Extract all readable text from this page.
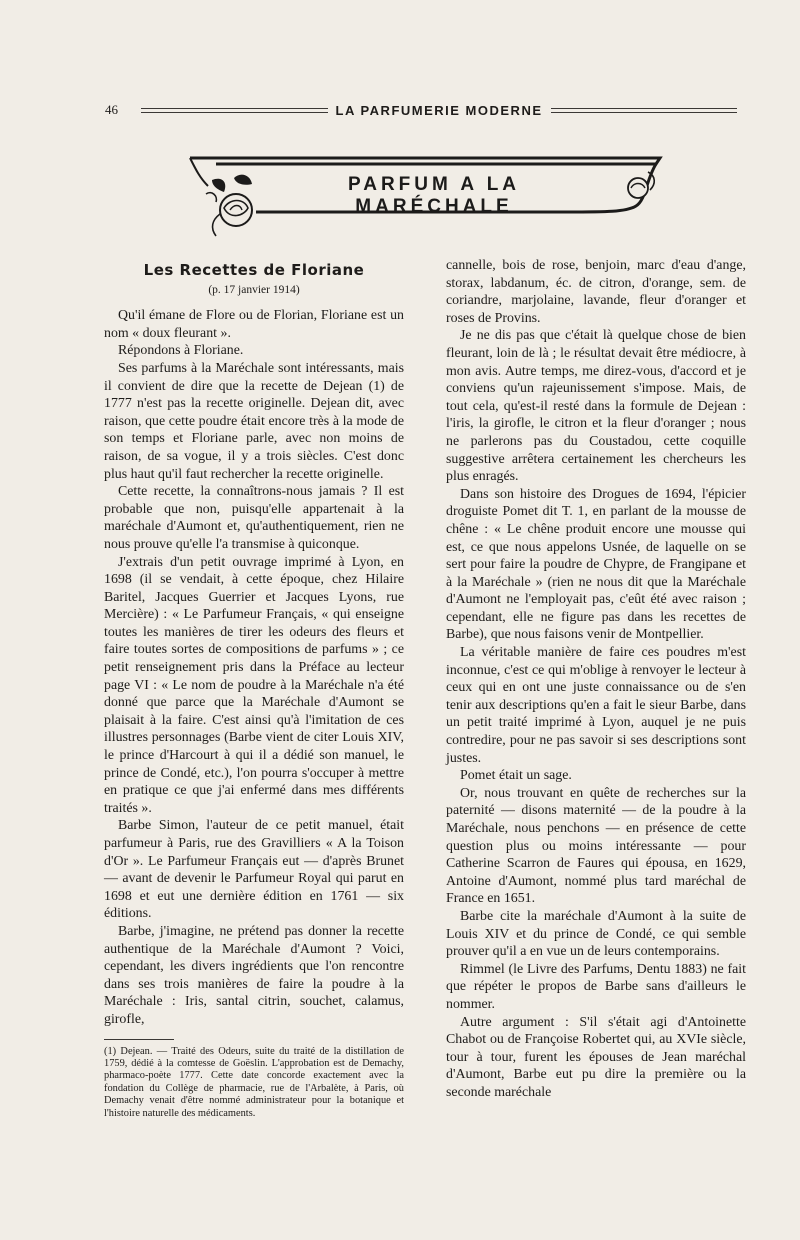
46	LA PARFUMERIE MODERNE
PARFUM A LA MARÉCHALE
Les Recettes de Floriane
(p. 17 janvier 1914)

Qu'il émane de Flore ou de Florian, Floriane est un nom « doux fleurant ».

Répondons à Floriane.

Ses parfums à la Maréchale sont intéressants, mais il convient de dire que la recette de Dejean (1) de 1777 n'est pas la recette originelle. Dejean dit, avec raison, que cette poudre était encore très à la mode de son temps et Floriane parle, avec non moins de raison, de sa vogue, il y a trois siècles. C'est donc plus haut qu'il faut rechercher la recette originelle.

Cette recette, la connaîtrons-nous jamais ? Il est probable que non, puisqu'elle appartenait à la maréchale d'Aumont et, qu'authentiquement, rien ne nous prouve qu'elle l'a transmise à quiconque.

J'extrais d'un petit ouvrage imprimé à Lyon, en 1698 (il se vendait, à cette époque, chez Hilaire Baritel, Jacques Guerrier et Jacques Lyons, rue Mercière) : « Le Parfumeur Français, « qui enseigne toutes les manières de tirer les odeurs des fleurs et faire toutes sortes de compositions de parfums » ; ce petit renseignement pris dans la Préface au lecteur page VI : « Le nom de poudre à la Maréchale n'a été donné que parce que la Maréchale d'Aumont se plaisait à la faire. C'est ainsi qu'à l'imitation de ces illustres personnages (Barbe vient de citer Louis XIV, le prince d'Harcourt à qui il a dédié son manuel, le prince de Condé, etc.), l'on pourra s'occuper à mettre en pratique ce que j'ai enfermé dans mes différents traités ».

Barbe Simon, l'auteur de ce petit manuel, était parfumeur à Paris, rue des Gravilliers « A la Toison d'Or ». Le Parfumeur Français eut — d'après Brunet — avant de devenir le Parfumeur Royal qui parut en 1698 et eut une dernière édition en 1761 — six éditions.

Barbe, j'imagine, ne prétend pas donner la recette authentique de la Maréchale d'Aumont ? Voici, cependant, les divers ingrédients que l'on rencontre dans ses trois manières de faire la poudre à la Maréchale : Iris, santal citrin, souchet, calamus, girofle,

(1) Dejean. — Traité des Odeurs, suite du traité de la distillation de 1759, dédié à la comtesse de Goëslin. L'approbation est de Demachy, pharmaco-poète 1777. Cette date concorde exactement avec la fondation du Collège de pharmacie, rue de l'Arbalète, à Paris, où Demachy venait d'être nommé administrateur pour la botanique et l'histoire naturelle des médicaments.

cannelle, bois de rose, benjoin, marc d'eau d'ange, storax, labdanum, éc. de citron, d'orange, sem. de coriandre, marjolaine, lavande, fleur d'oranger et roses de Provins.

Je ne dis pas que c'était là quelque chose de bien fleurant, loin de là ; le résultat devait être médiocre, à mon avis. Autre temps, me direz-vous, d'accord et je conviens qu'un rajeunissement s'impose. Mais, de tout cela, qu'est-il resté dans la formule de Dejean : l'iris, la girofle, le citron et la fleur d'oranger ; nous ne parlerons pas du Coustadou, cette coquille suggestive arrêtera certainement les chercheurs les plus enragés.

Dans son histoire des Drogues de 1694, l'épicier droguiste Pomet dit T. 1, en parlant de la mousse de chêne : « Le chêne produit encore une mousse qui est, ce que nous appelons Usnée, de laquelle on se sert pour faire la poudre de Chypre, de Frangipane et à la Maréchale » (rien ne nous dit que la Maréchale d'Aumont ne l'employait pas, c'eût été avec raison ; cependant, elle ne figure pas dans les recettes de Barbe), que nous faisons venir de Montpellier.

La véritable manière de faire ces poudres m'est inconnue, c'est ce qui m'oblige à renvoyer le lecteur à ceux qui en ont une juste connaissance ou de s'en tenir aux descriptions qu'en a fait le sieur Barbe, dans un petit traité imprimé à Lyon, auquel je ne puis contredire, pour ne pas savoir si ses descriptions sont justes.

Pomet était un sage.

Or, nous trouvant en quête de recherches sur la paternité — disons maternité — de la poudre à la Maréchale, nous penchons — en présence de cette question plus ou moins intéressante — pour Catherine Scarron de Faures qui épousa, en 1629, Antoine d'Aumont, nommé plus tard maréchal de France en 1651.

Barbe cite la maréchale d'Aumont à la suite de Louis XIV et du prince de Condé, ce qui semble prouver qu'il a en vue un de leurs contemporains.

Rimmel (le Livre des Parfums, Dentu 1883) ne fait que répéter le propos de Barbe sans d'ailleurs le nommer.

Autre argument : S'il s'était agi d'Antoinette Chabot ou de Françoise Robertet qui, au XVIe siècle, tour à tour, furent les épouses de Jean maréchal d'Aumont, Barbe eut pu dire la première ou la seconde maréchale
